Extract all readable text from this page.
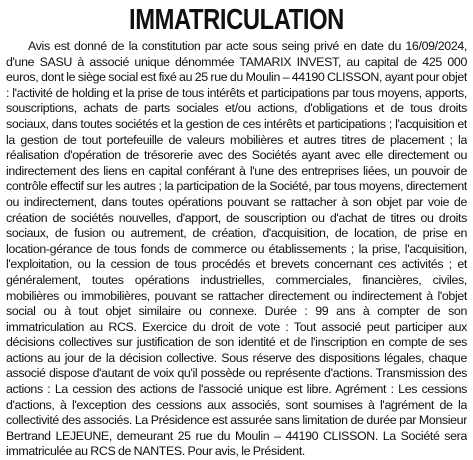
IMMATRICULATION

Avis est donné de la constitution par acte sous seing privé en date du 16/09/2024, d'une SASU à associé unique dénommée TAMARIX INVEST, au capital de 425 000 euros, dont le siège social est fixé au 25 rue du Moulin – 44190 CLISSON, ayant pour objet : l'activité de holding et la prise de tous intérêts et participations par tous moyens, apports, souscriptions, achats de parts sociales et/ou actions, d'obligations et de tous droits sociaux, dans toutes sociétés et la gestion de ces intérêts et participations ; l'acquisition et la gestion de tout portefeuille de valeurs mobilières et autres titres de placement ; la réalisation d'opération de trésorerie avec des Sociétés ayant avec elle directement ou indirectement des liens en capital conférant à l'une des entreprises liées, un pouvoir de contrôle effectif sur les autres ; la participation de la Société, par tous moyens, directement ou indirectement, dans toutes opérations pouvant se rattacher à son objet par voie de création de sociétés nouvelles, d'apport, de souscription ou d'achat de titres ou droits sociaux, de fusion ou autrement, de création, d'acquisition, de location, de prise en location-gérance de tous fonds de commerce ou établissements ; la prise, l'acquisition, l'exploitation, ou la cession de tous procédés et brevets concernant ces activités ; et généralement, toutes opérations industrielles, commerciales, financières, civiles, mobilières ou immobilières, pouvant se rattacher directement ou indirectement à l'objet social ou à tout objet similaire ou connexe. Durée : 99 ans à compter de son immatriculation au RCS. Exercice du droit de vote : Tout associé peut participer aux décisions collectives sur justification de son identité et de l'inscription en compte de ses actions au jour de la décision collective. Sous réserve des dispositions légales, chaque associé dispose d'autant de voix qu'il possède ou représente d'actions. Transmission des actions : La cession des actions de l'associé unique est libre. Agrément : Les cessions d'actions, à l'exception des cessions aux associés, sont soumises à l'agrément de la collectivité des associés. La Présidence est assurée sans limitation de durée par Monsieur Bertrand LEJEUNE, demeurant 25 rue du Moulin – 44190 CLISSON. La Société sera immatriculée au RCS de NANTES. Pour avis, le Président.
